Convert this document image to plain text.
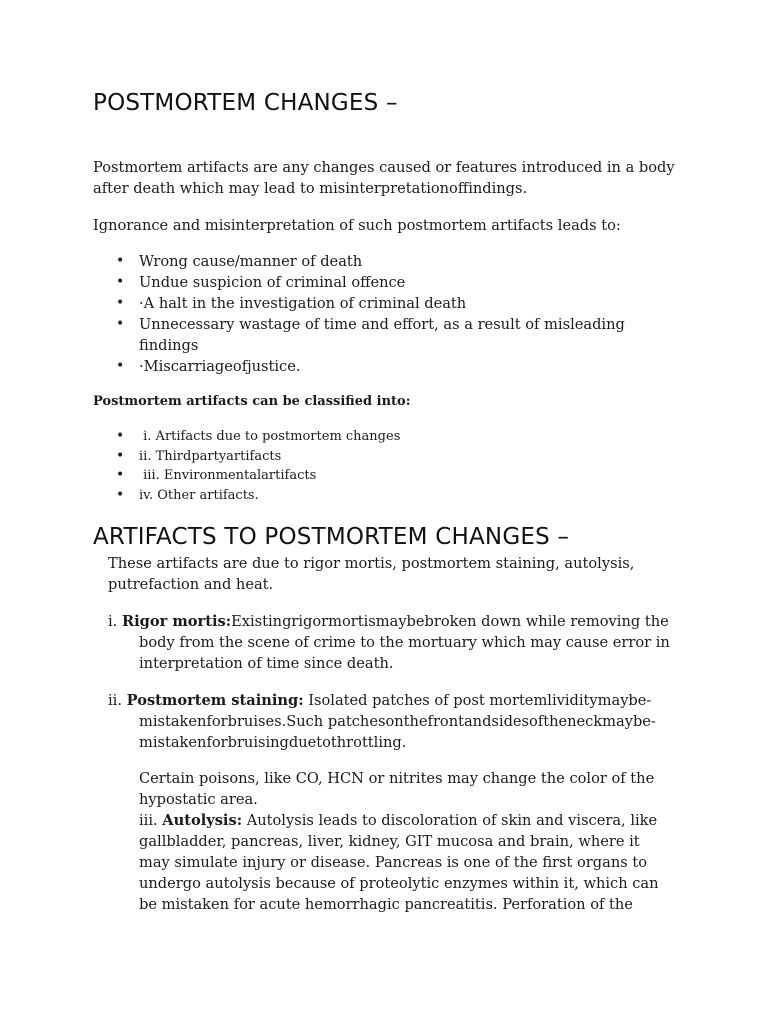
POSTMORTEM CHANGES –

Postmortem artifacts are any changes caused or features introduced in a body after death which may lead to misinterpretationoffindings.

Ignorance and misinterpretation of such postmortem artifacts leads to:

• Wrong cause/manner of death
• Undue suspicion of criminal offence
• ·A halt in the investigation of criminal death
• Unnecessary wastage of time and effort, as a result of misleading findings
• ·Miscarriageofjustice.

Postmortem artifacts can be classified into:

• i. Artifacts due to postmortem changes
• ii. Thirdpartyartifacts
• iii. Environmentalartifacts
• iv. Other artifacts.
ARTIFACTS TO POSTMORTEM CHANGES –
These artifacts are due to rigor mortis, postmortem staining, autolysis, putrefaction and heat.
i. Rigor mortis:Existingrigormortismaybebroken down while removing the body from the scene of crime to the mortuary which may cause error in interpretation of time since death.
ii. Postmortem staining: Isolated patches of post mortemlividitymaybe-mistakenforbruises.Such patchesonthefrontandsidesoftheneckmaybe-mistakenforbruisingduetothrottling.
Certain poisons, like CO, HCN or nitrites may change the color of the hypostatic area.
iii. Autolysis: Autolysis leads to discoloration of skin and viscera, like gallbladder, pancreas, liver, kidney, GIT mucosa and brain, where it may simulate injury or disease. Pancreas is one of the first organs to undergo autolysis because of proteolytic enzymes within it, which can be mistaken for acute hemorrhagic pancreatitis. Perforation of the
